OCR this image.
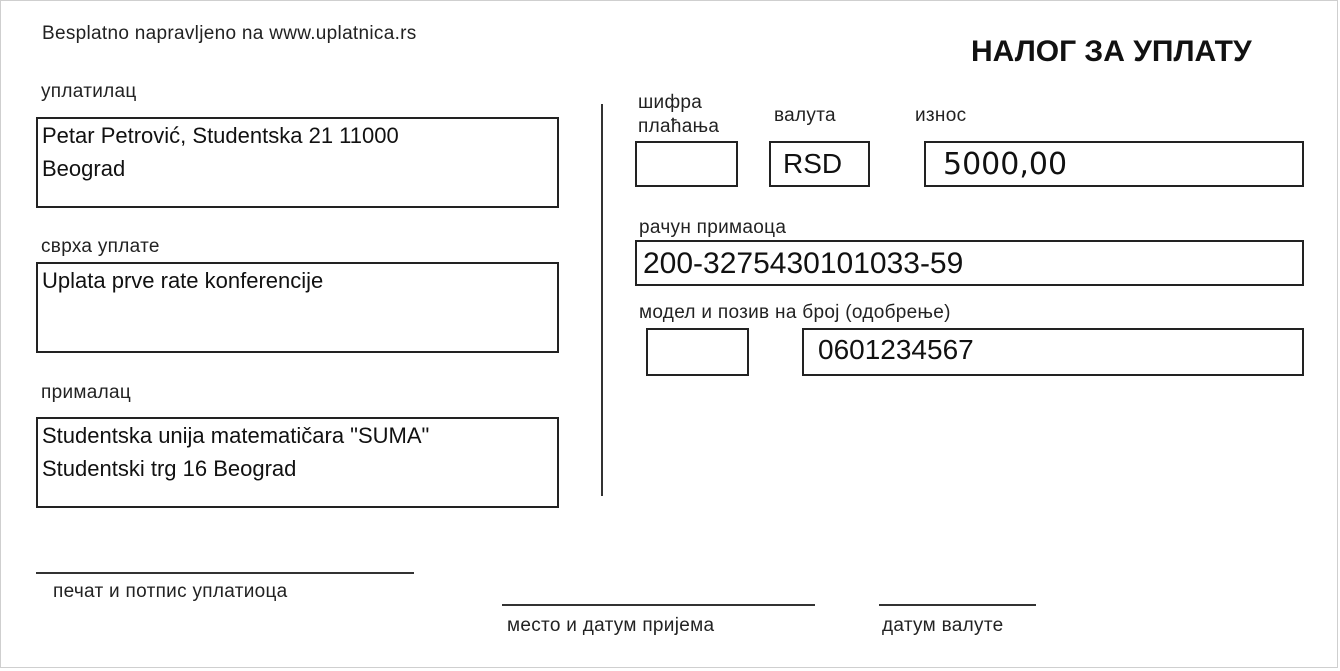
Besplatno napravljeno na www.uplatnica.rs
НАЛОГ ЗА УПЛАТУ
уплатилац
Petar Petrović, Studentska 21 11000
Beograd
сврха уплате
Uplata prve rate konferencije
прималац
Studentska unija matematičara "SUMA"
Studentski trg 16 Beograd
шифра
плаћања
валута
RSD
износ
5000,00
рачун примаоца
200-3275430101033-59
модел и позив на број (одобрење)
0601234567
печат и потпис уплатиоца
место и датум пријема	датум валуте
